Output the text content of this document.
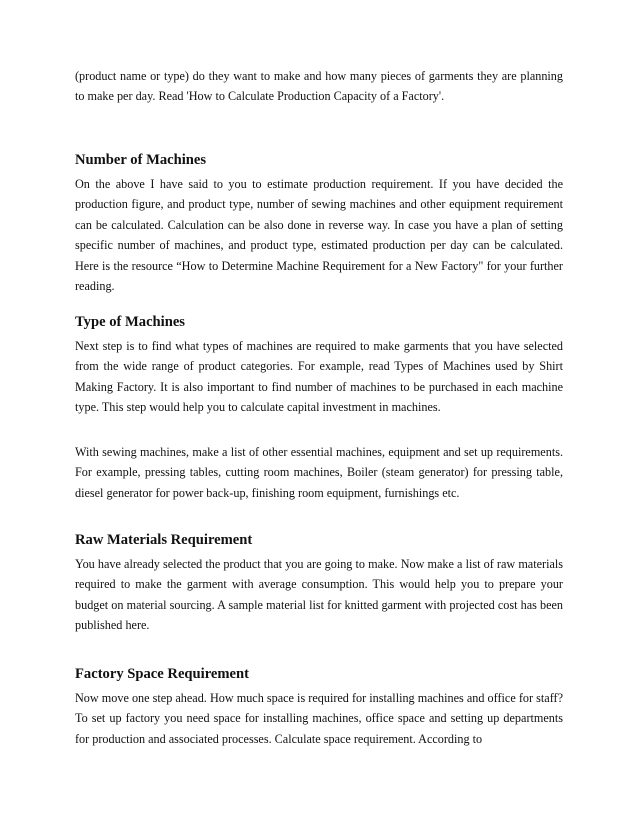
(product name or type) do they want to make and how many pieces of garments they are planning to make per day. Read 'How to Calculate Production Capacity of a Factory'.

Number of Machines

On the above I have said to you to estimate production requirement. If you have decided the production figure, and product type, number of sewing machines and other equipment requirement can be calculated. Calculation can be also done in reverse way. In case you have a plan of setting specific number of machines, and product type, estimated production per day can be calculated. Here is the resource “How to Determine Machine Requirement for a New Factory" for your further reading.

Type of Machines

Next step is to find what types of machines are required to make garments that you have selected from the wide range of product categories. For example, read Types of Machines used by Shirt Making Factory. It is also important to find number of machines to be purchased in each machine type. This step would help you to calculate capital investment in machines.

With sewing machines, make a list of other essential machines, equipment and set up requirements. For example, pressing tables, cutting room machines, Boiler (steam generator) for pressing table, diesel generator for power back-up, finishing room equipment, furnishings etc.

Raw Materials Requirement

You have already selected the product that you are going to make. Now make a list of raw materials required to make the garment with average consumption. This would help you to prepare your budget on material sourcing. A sample material list for knitted garment with projected cost has been published here.

Factory Space Requirement

Now move one step ahead. How much space is required for installing machines and office for staff? To set up factory you need space for installing machines, office space and setting up departments for production and associated processes. Calculate space requirement. According to
